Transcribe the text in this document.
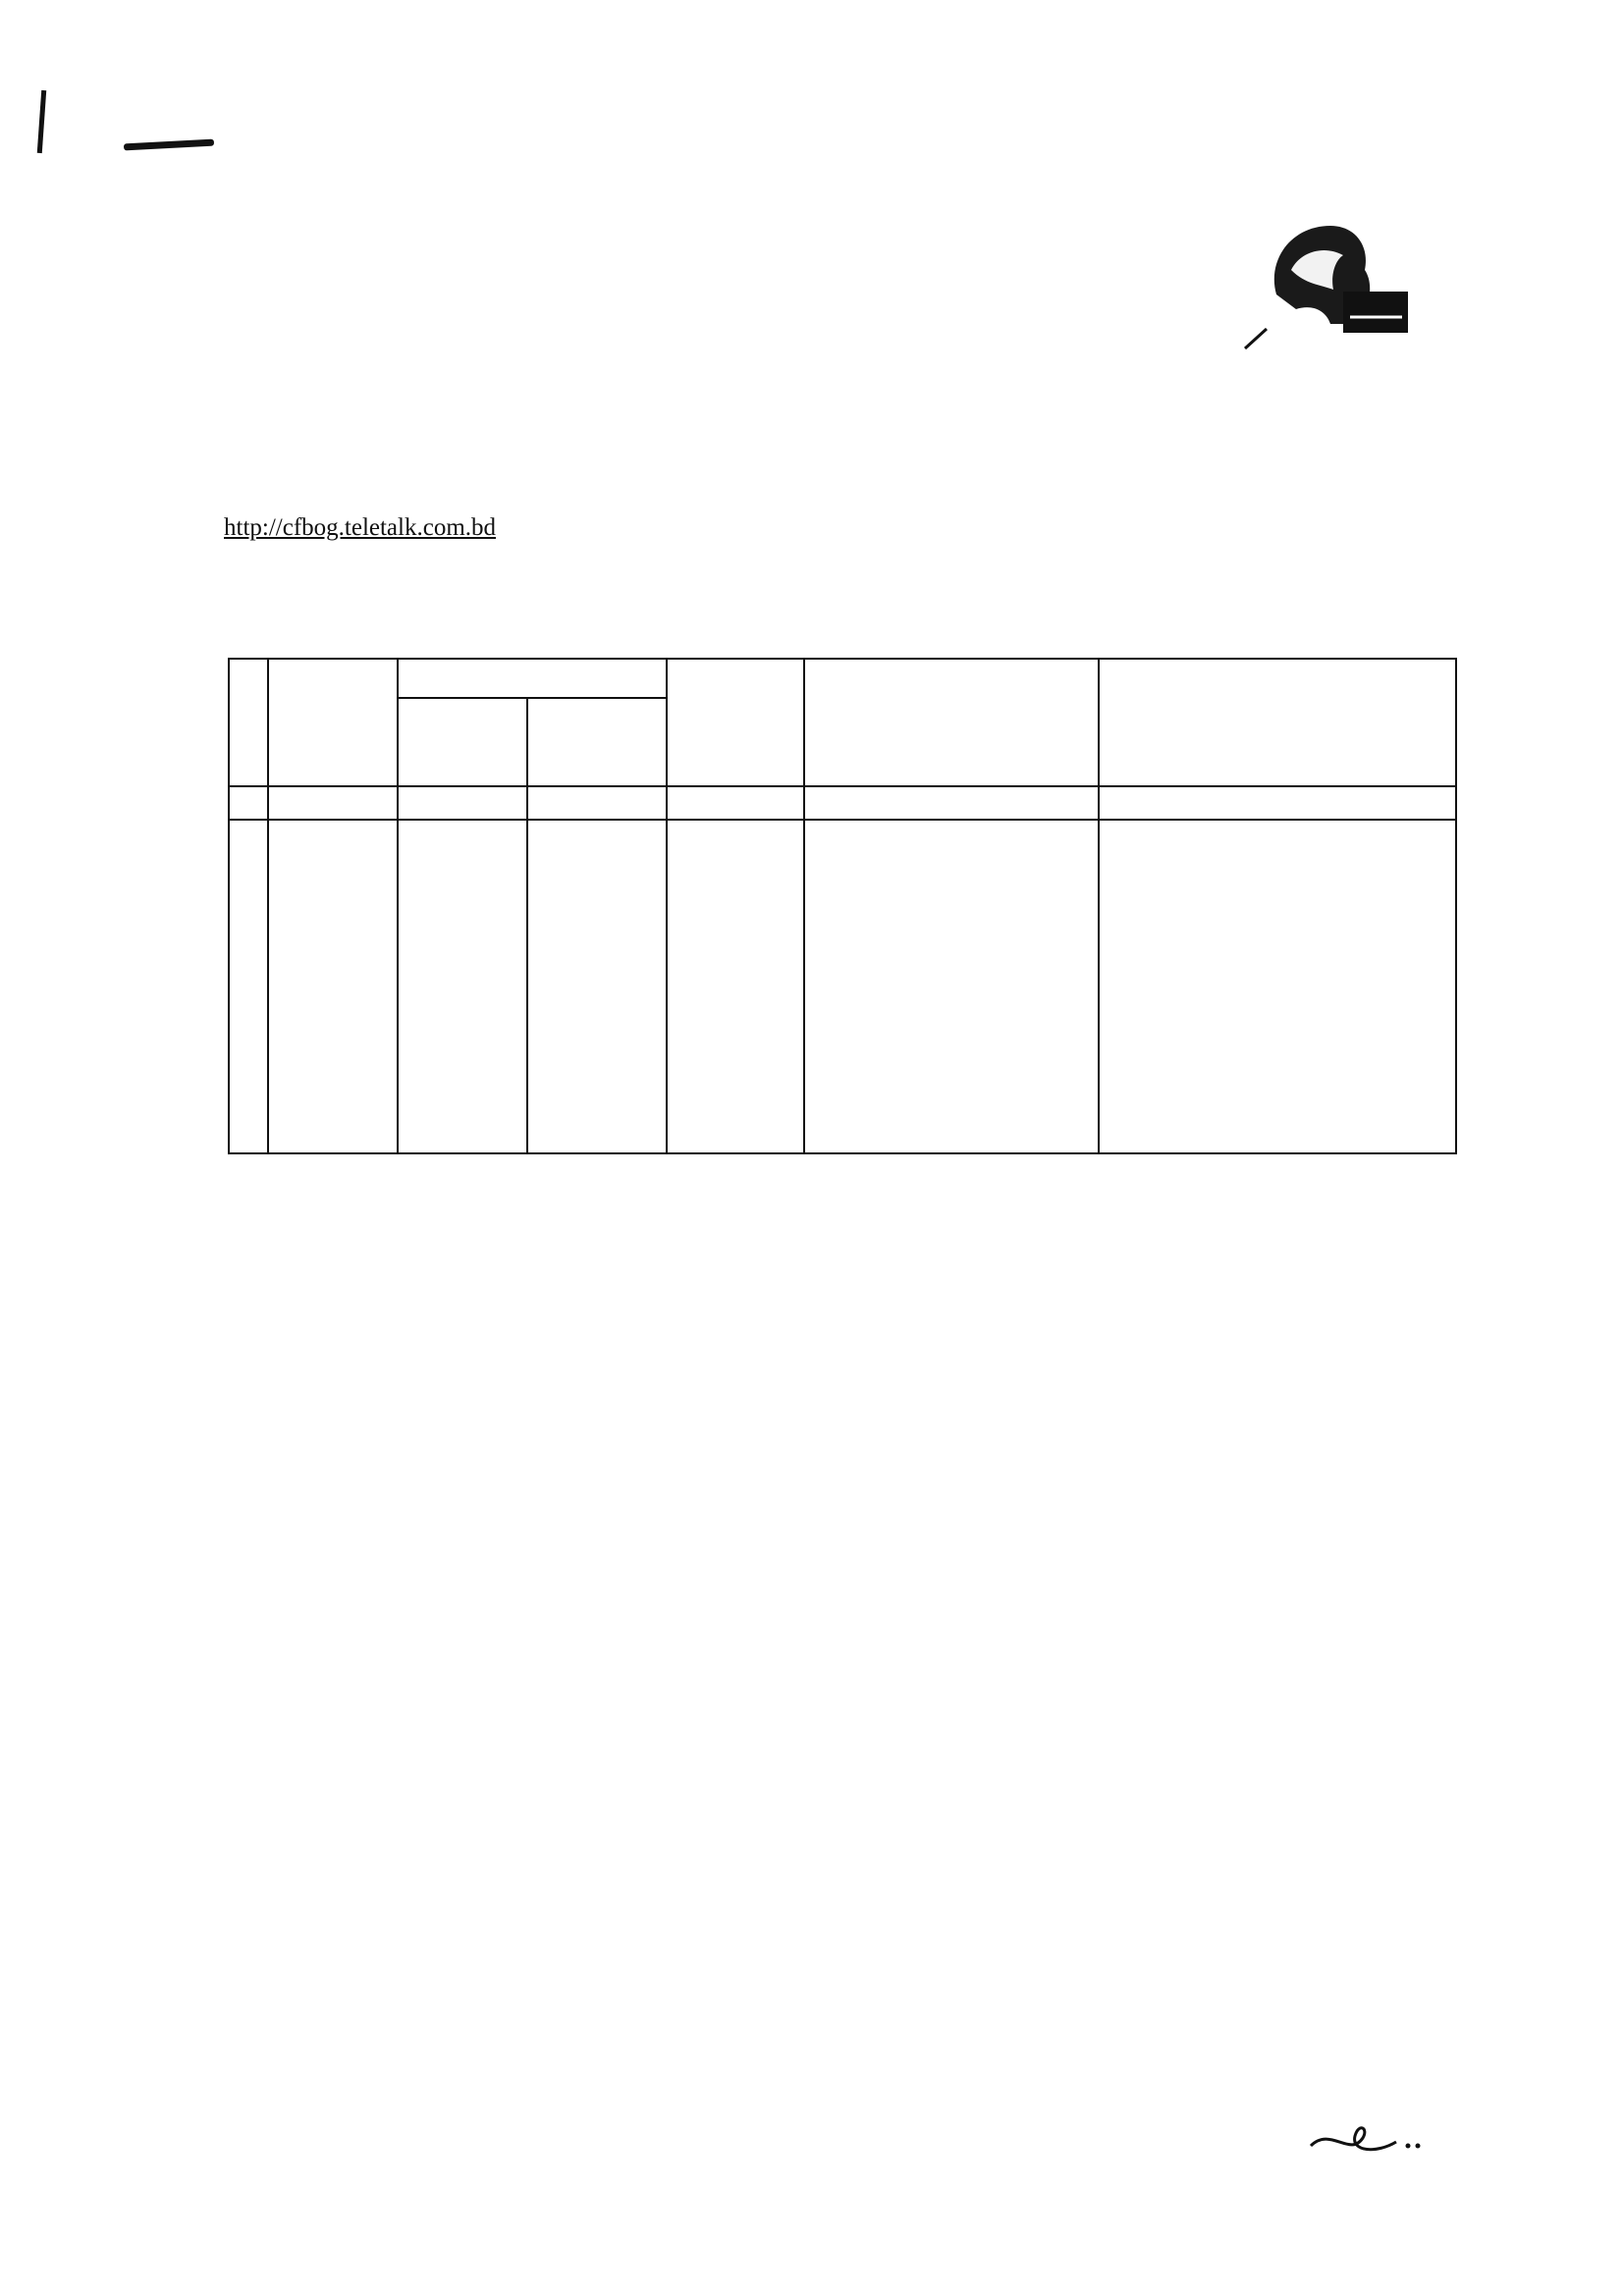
http://cfbog.teletalk.com.bd
